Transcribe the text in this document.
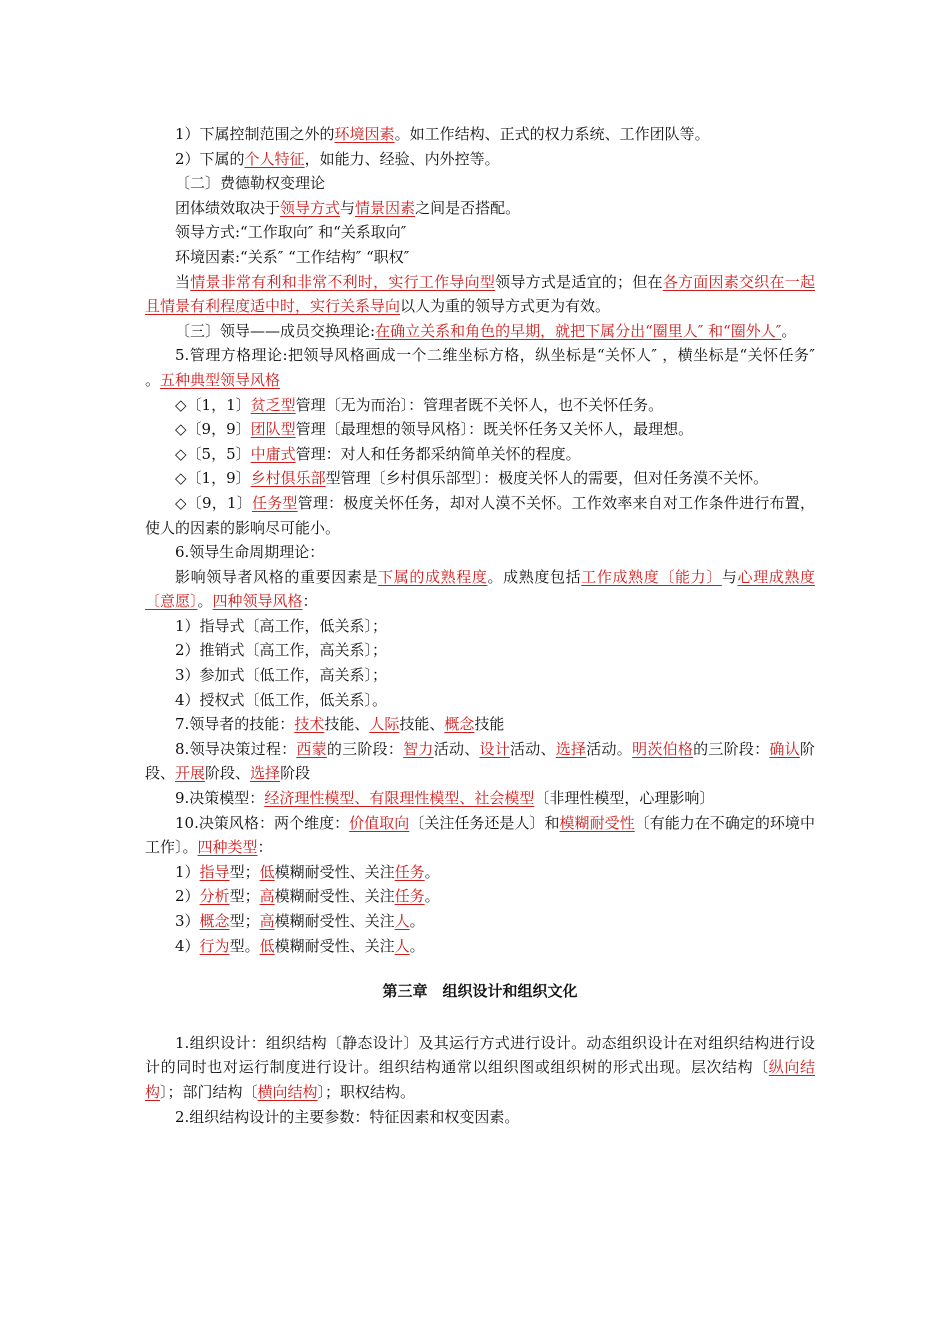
1）下属控制范围之外的环境因素。如工作结构、正式的权力系统、工作团队等。

2）下属的个人特征，如能力、经验、内外控等。

〔二〕费德勒权变理论

团体绩效取决于领导方式与情景因素之间是否搭配。

领导方式:“工作取向″ 和“关系取向″

环境因素:“关系″ “工作结构″ “职权″

当情景非常有利和非常不利时，实行工作导向型领导方式是适宜的；但在各方面因素交织在一起且情景有利程度适中时，实行关系导向以人为重的领导方式更为有效。

〔三〕领导——成员交换理论:在确立关系和角色的早期，就把下属分出“圈里人″ 和“圈外人″。

5.管理方格理论:把领导风格画成一个二维坐标方格，纵坐标是“关怀人″ ，横坐标是“关怀任务″ 。五种典型领导风格

◇〔1，1〕贫乏型管理〔无为而治〕：管理者既不关怀人，也不关怀任务。

◇〔9，9〕团队型管理〔最理想的领导风格〕：既关怀任务又关怀人，最理想。

◇〔5，5〕中庸式管理：对人和任务都采纳简单关怀的程度。

◇〔1，9〕乡村俱乐部型管理〔乡村俱乐部型〕：极度关怀人的需要，但对任务漠不关怀。

◇〔9，1〕任务型管理：极度关怀任务，却对人漠不关怀。工作效率来自对工作条件进行布置，使人的因素的影响尽可能小。

6.领导生命周期理论：

影响领导者风格的重要因素是下属的成熟程度。成熟度包括工作成熟度〔能力〕与心理成熟度〔意愿〕。四种领导风格：

1）指导式〔高工作，低关系〕；

2）推销式〔高工作，高关系〕；

3）参加式〔低工作，高关系〕；

4）授权式〔低工作，低关系〕。

7.领导者的技能：技术技能、人际技能、概念技能

8.领导决策过程：西蒙的三阶段：智力活动、设计活动、选择活动。明茨伯格的三阶段：确认阶段、开展阶段、选择阶段

9.决策模型：经济理性模型、有限理性模型、社会模型〔非理性模型，心理影响〕

10.决策风格：两个维度：价值取向〔关注任务还是人〕和模糊耐受性〔有能力在不确定的环境中工作〕。四种类型：

1）指导型；低模糊耐受性、关注任务。

2）分析型；高模糊耐受性、关注任务。

3）概念型；高模糊耐受性、关注人。

4）行为型。低模糊耐受性、关注人。

第三章　组织设计和组织文化

1.组织设计：组织结构〔静态设计〕及其运行方式进行设计。动态组织设计在对组织结构进行设计的同时也对运行制度进行设计。组织结构通常以组织图或组织树的形式出现。层次结构〔纵向结构〕；部门结构〔横向结构〕；职权结构。

2.组织结构设计的主要参数：特征因素和权变因素。
